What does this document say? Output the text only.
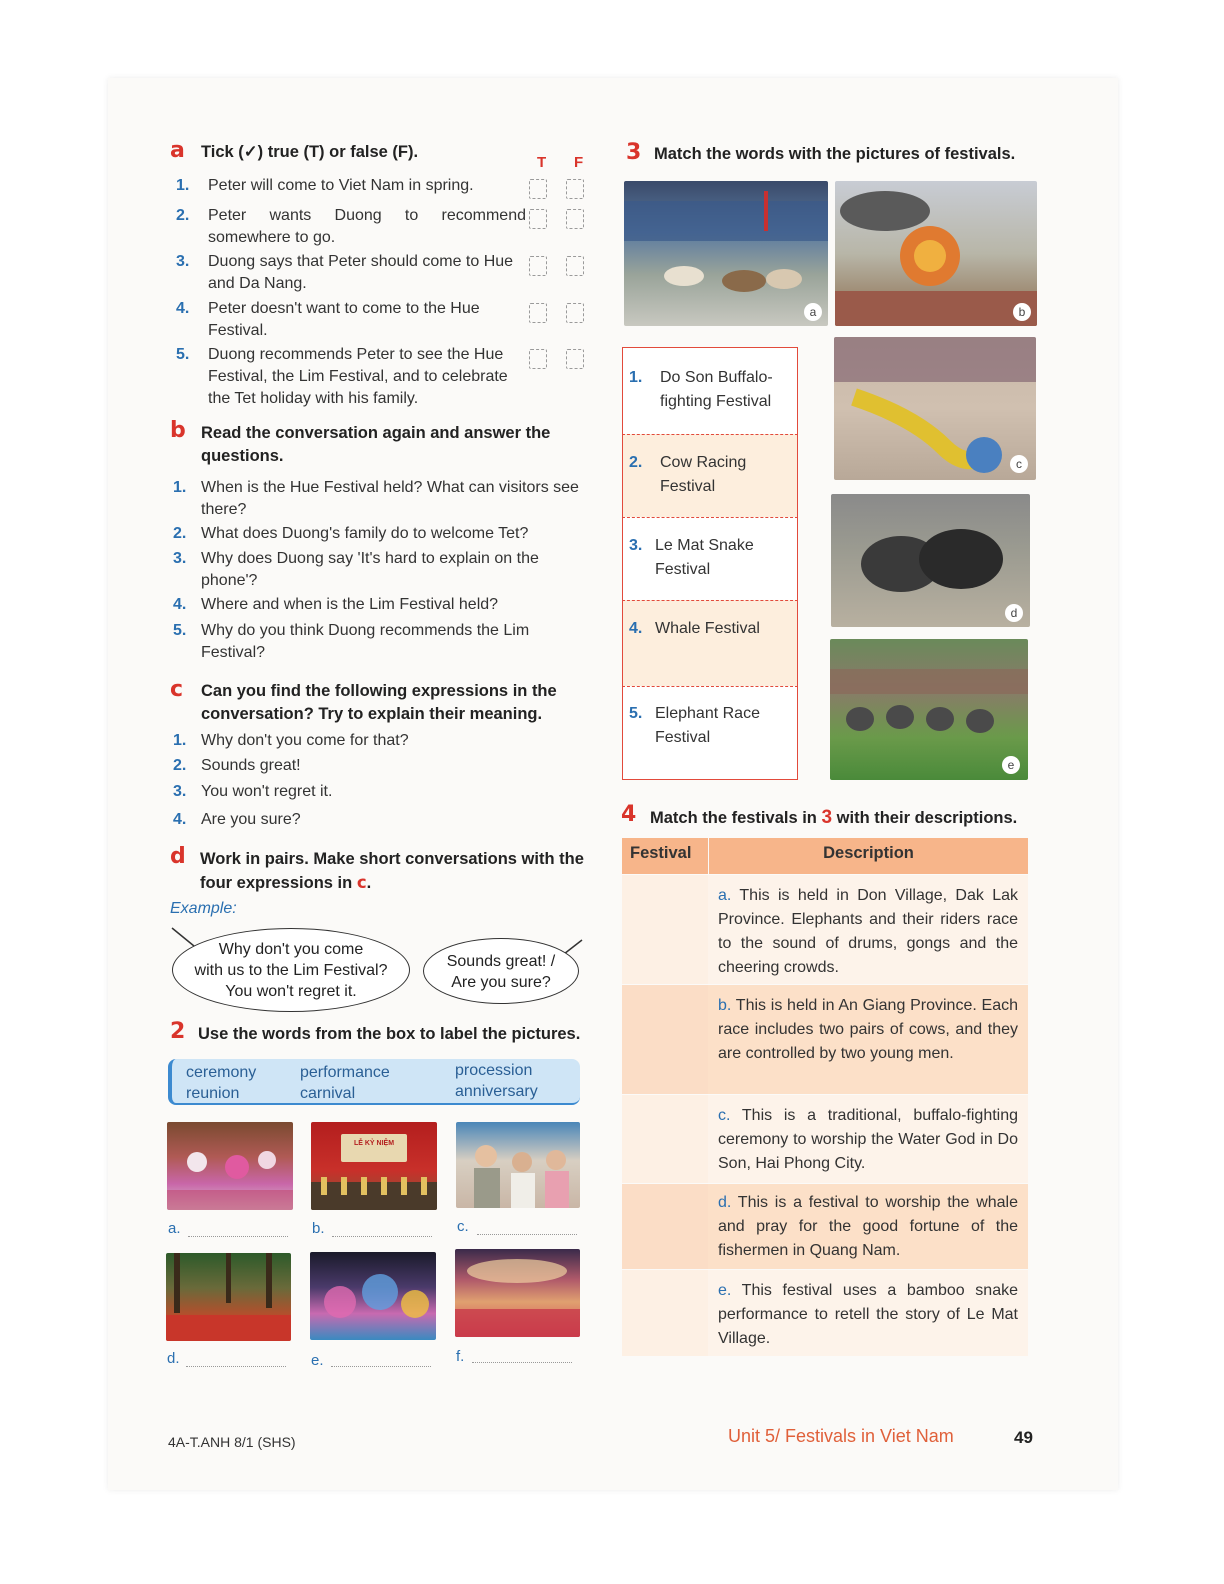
a Tick (✓) true (T) or false (F).
T F
1. Peter will come to Viet Nam in spring.
2. Peter wants Duong to recommend somewhere to go.
3. Duong says that Peter should come to Hue and Da Nang.
4. Peter doesn't want to come to the Hue Festival.
5. Duong recommends Peter to see the Hue Festival, the Lim Festival, and to celebrate the Tet holiday with his family.
b Read the conversation again and answer the questions.
1. When is the Hue Festival held? What can visitors see there?
2. What does Duong's family do to welcome Tet?
3. Why does Duong say 'It's hard to explain on the phone'?
4. Where and when is the Lim Festival held?
5. Why do you think Duong recommends the Lim Festival?
c Can you find the following expressions in the conversation? Try to explain their meaning.
1. Why don't you come for that?
2. Sounds great!
3. You won't regret it.
4. Are you sure?
d Work in pairs. Make short conversations with the four expressions in c.
Example:
Why don't you come
with us to the Lim Festival?
You won't regret it.
Sounds great! /
Are you sure?
2 Use the words from the box to label the pictures.
ceremony	performance	procession
reunion	carnival	anniversary
LỄ KỶ NIỆM
a.	b.	c.
d.	e.	f.
3 Match the words with the pictures of festivals.
a	b
c
d
e
1. Do Son Buffalo-fighting Festival
2. Cow Racing Festival
3. Le Mat Snake Festival
4. Whale Festival
5. Elephant Race Festival
4 Match the festivals in 3 with their descriptions.
Festival	Description
a. This is held in Don Village, Dak Lak Province. Elephants and their riders race to the sound of drums, gongs and the cheering crowds.
b. This is held in An Giang Province. Each race includes two pairs of cows, and they are controlled by two young men.
c. This is a traditional, buffalo-fighting ceremony to worship the Water God in Do Son, Hai Phong City.
d. This is a festival to worship the whale and pray for the good fortune of the fishermen in Quang Nam.
e. This festival uses a bamboo snake performance to retell the story of Le Mat Village.
4A-T.ANH 8/1 (SHS)	Unit 5/ Festivals in Viet Nam	49
